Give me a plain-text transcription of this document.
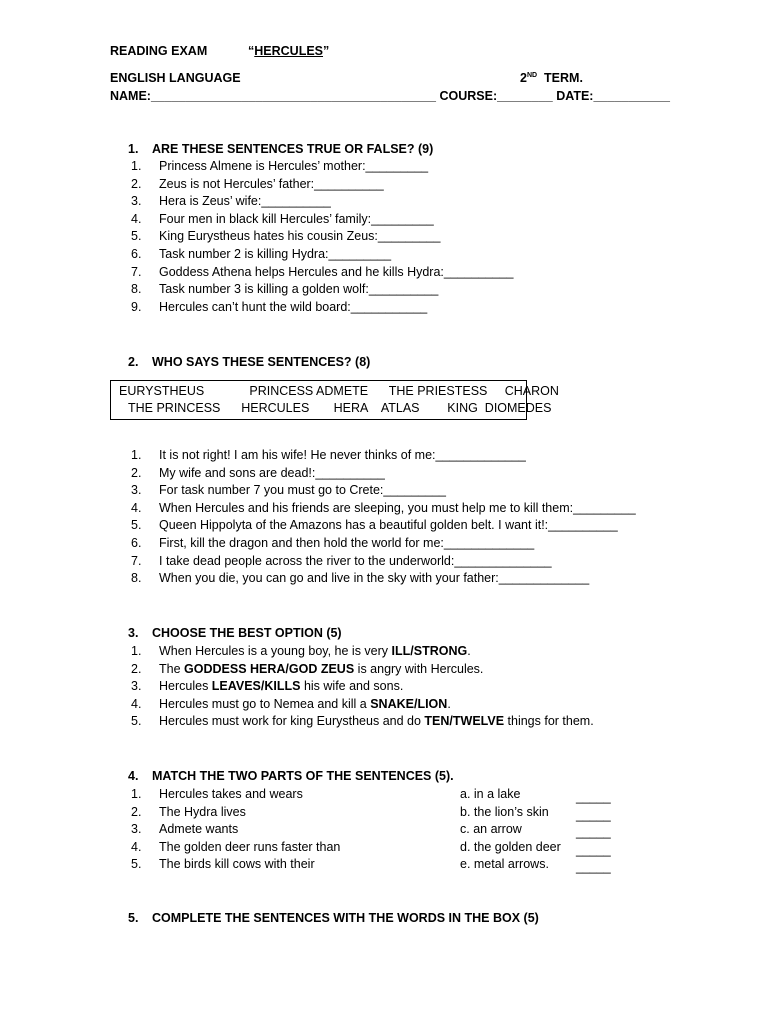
READING EXAM	“HERCULES”
ENGLISH LANGUAGE	2ND TERM.
NAME:_________________________________________ COURSE:________ DATE:___________
1. ARE THESE SENTENCES TRUE OR FALSE? (9)
1. Princess Almene is Hercules’ mother:_________
2. Zeus is not Hercules’ father:__________
3. Hera is Zeus’ wife:__________
4. Four men in black kill Hercules’ family:_________
5. King Eurystheus hates his cousin Zeus:_________
6. Task number 2 is killing Hydra:_________
7. Goddess Athena helps Hercules and he kills Hydra:__________
8. Task number 3 is killing a golden wolf:__________
9. Hercules can’t hunt the wild board:___________
2. WHO SAYS THESE SENTENCES? (8)
EURYSTHEUS             PRINCESS ADMETE      THE PRIESTESS     CHARON
THE PRINCESS      HERCULES       HERA    ATLAS        KING  DIOMEDES
1. It is not right! I am his wife! He never thinks of me:_____________
2. My wife and sons are dead!:__________
3. For task number 7 you must go to Crete:_________
4. When Hercules and his friends are sleeping, you must help me to kill them:_________
5. Queen Hippolyta of the Amazons has a beautiful golden belt. I want it!:__________
6. First, kill the dragon and then hold the world for me:_____________
7. I take dead people across the river to the underworld:______________
8. When you die, you can go and live in the sky with your father:_____________
3. CHOOSE THE BEST OPTION (5)
1. When Hercules is a young boy, he is very ILL/STRONG.
2. The GODDESS HERA/GOD ZEUS is angry with Hercules.
3. Hercules LEAVES/KILLS his wife and sons.
4. Hercules must go to Nemea and kill a SNAKE/LION.
5. Hercules must work for king Eurystheus and do TEN/TWELVE things for them.
4. MATCH THE TWO PARTS OF THE SENTENCES (5).
1. Hercules takes and wears
2. The Hydra lives
3. Admete wants
4. The golden deer runs faster than
5. The birds kill cows with their
a. in a lake
b. the lion’s skin
c. an arrow
d. the golden deer
e. metal arrows.
_____
_____
_____
_____
_____
5. COMPLETE THE SENTENCES WITH THE WORDS IN THE BOX (5)
